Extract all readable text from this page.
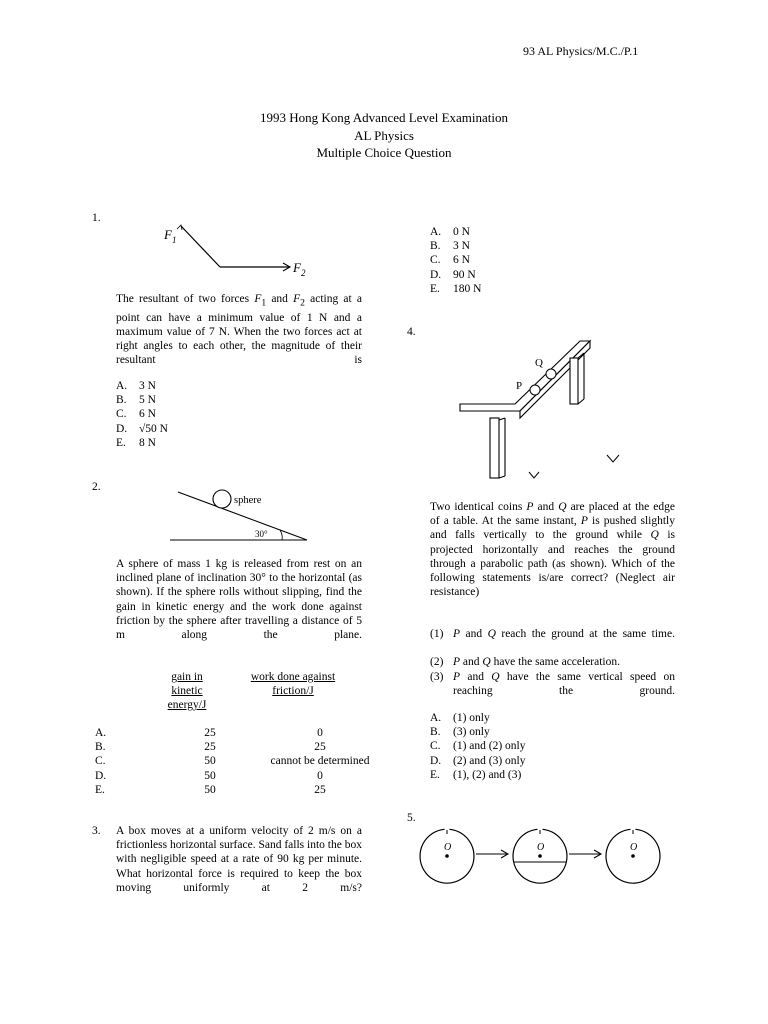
93 AL Physics/M.C./P.1
1993 Hong Kong Advanced Level Examination
AL Physics
Multiple Choice Question
1.
F 1
F 2
The resultant of two forces $F_1$ and $F_2$ acting at a point can have a minimum value of 1 N and a maximum value of 7 N. When the two forces act at right angles to each other, the magnitude of their resultant is
A.	3 N
B.	5 N
C.	6 N
D.	√50 N
E.	8 N
2.
sphere
30°
A sphere of mass 1 kg is released from rest on an inclined plane of inclination 30° to the horizontal (as shown). If the sphere rolls without slipping, find the gain in kinetic energy and the work done against friction by the sphere after travelling a distance of 5 m along the plane.
gain in
kinetic
energy/J
work done against
friction/J
A.	25	0
B.	25	25
C.	50	cannot be determined
D.	50	0
E.	50	25
3. A box moves at a uniform velocity of 2 m/s on a frictionless horizontal surface. Sand falls into the box with negligible speed at a rate of 90 kg per minute. What horizontal force is required to keep the box moving uniformly at 2 m/s?
A.	0 N
B.	3 N
C.	6 N
D.	90 N
E.	180 N
4.
P
Q
Two identical coins P and Q are placed at the edge of a table. At the same instant, P is pushed slightly and falls vertically to the ground while Q is projected horizontally and reaches the ground through a parabolic path (as shown). Which of the following statements is/are correct? (Neglect air resistance)
(1) P and Q reach the ground at the same time.
(2) P and Q have the same acceleration.
(3) P and Q have the same vertical speed on reaching the ground.
A.	(1) only
B.	(3) only
C.	(1) and (2) only
D.	(2) and (3) only
E.	(1), (2) and (3)
5.
O	O	O
